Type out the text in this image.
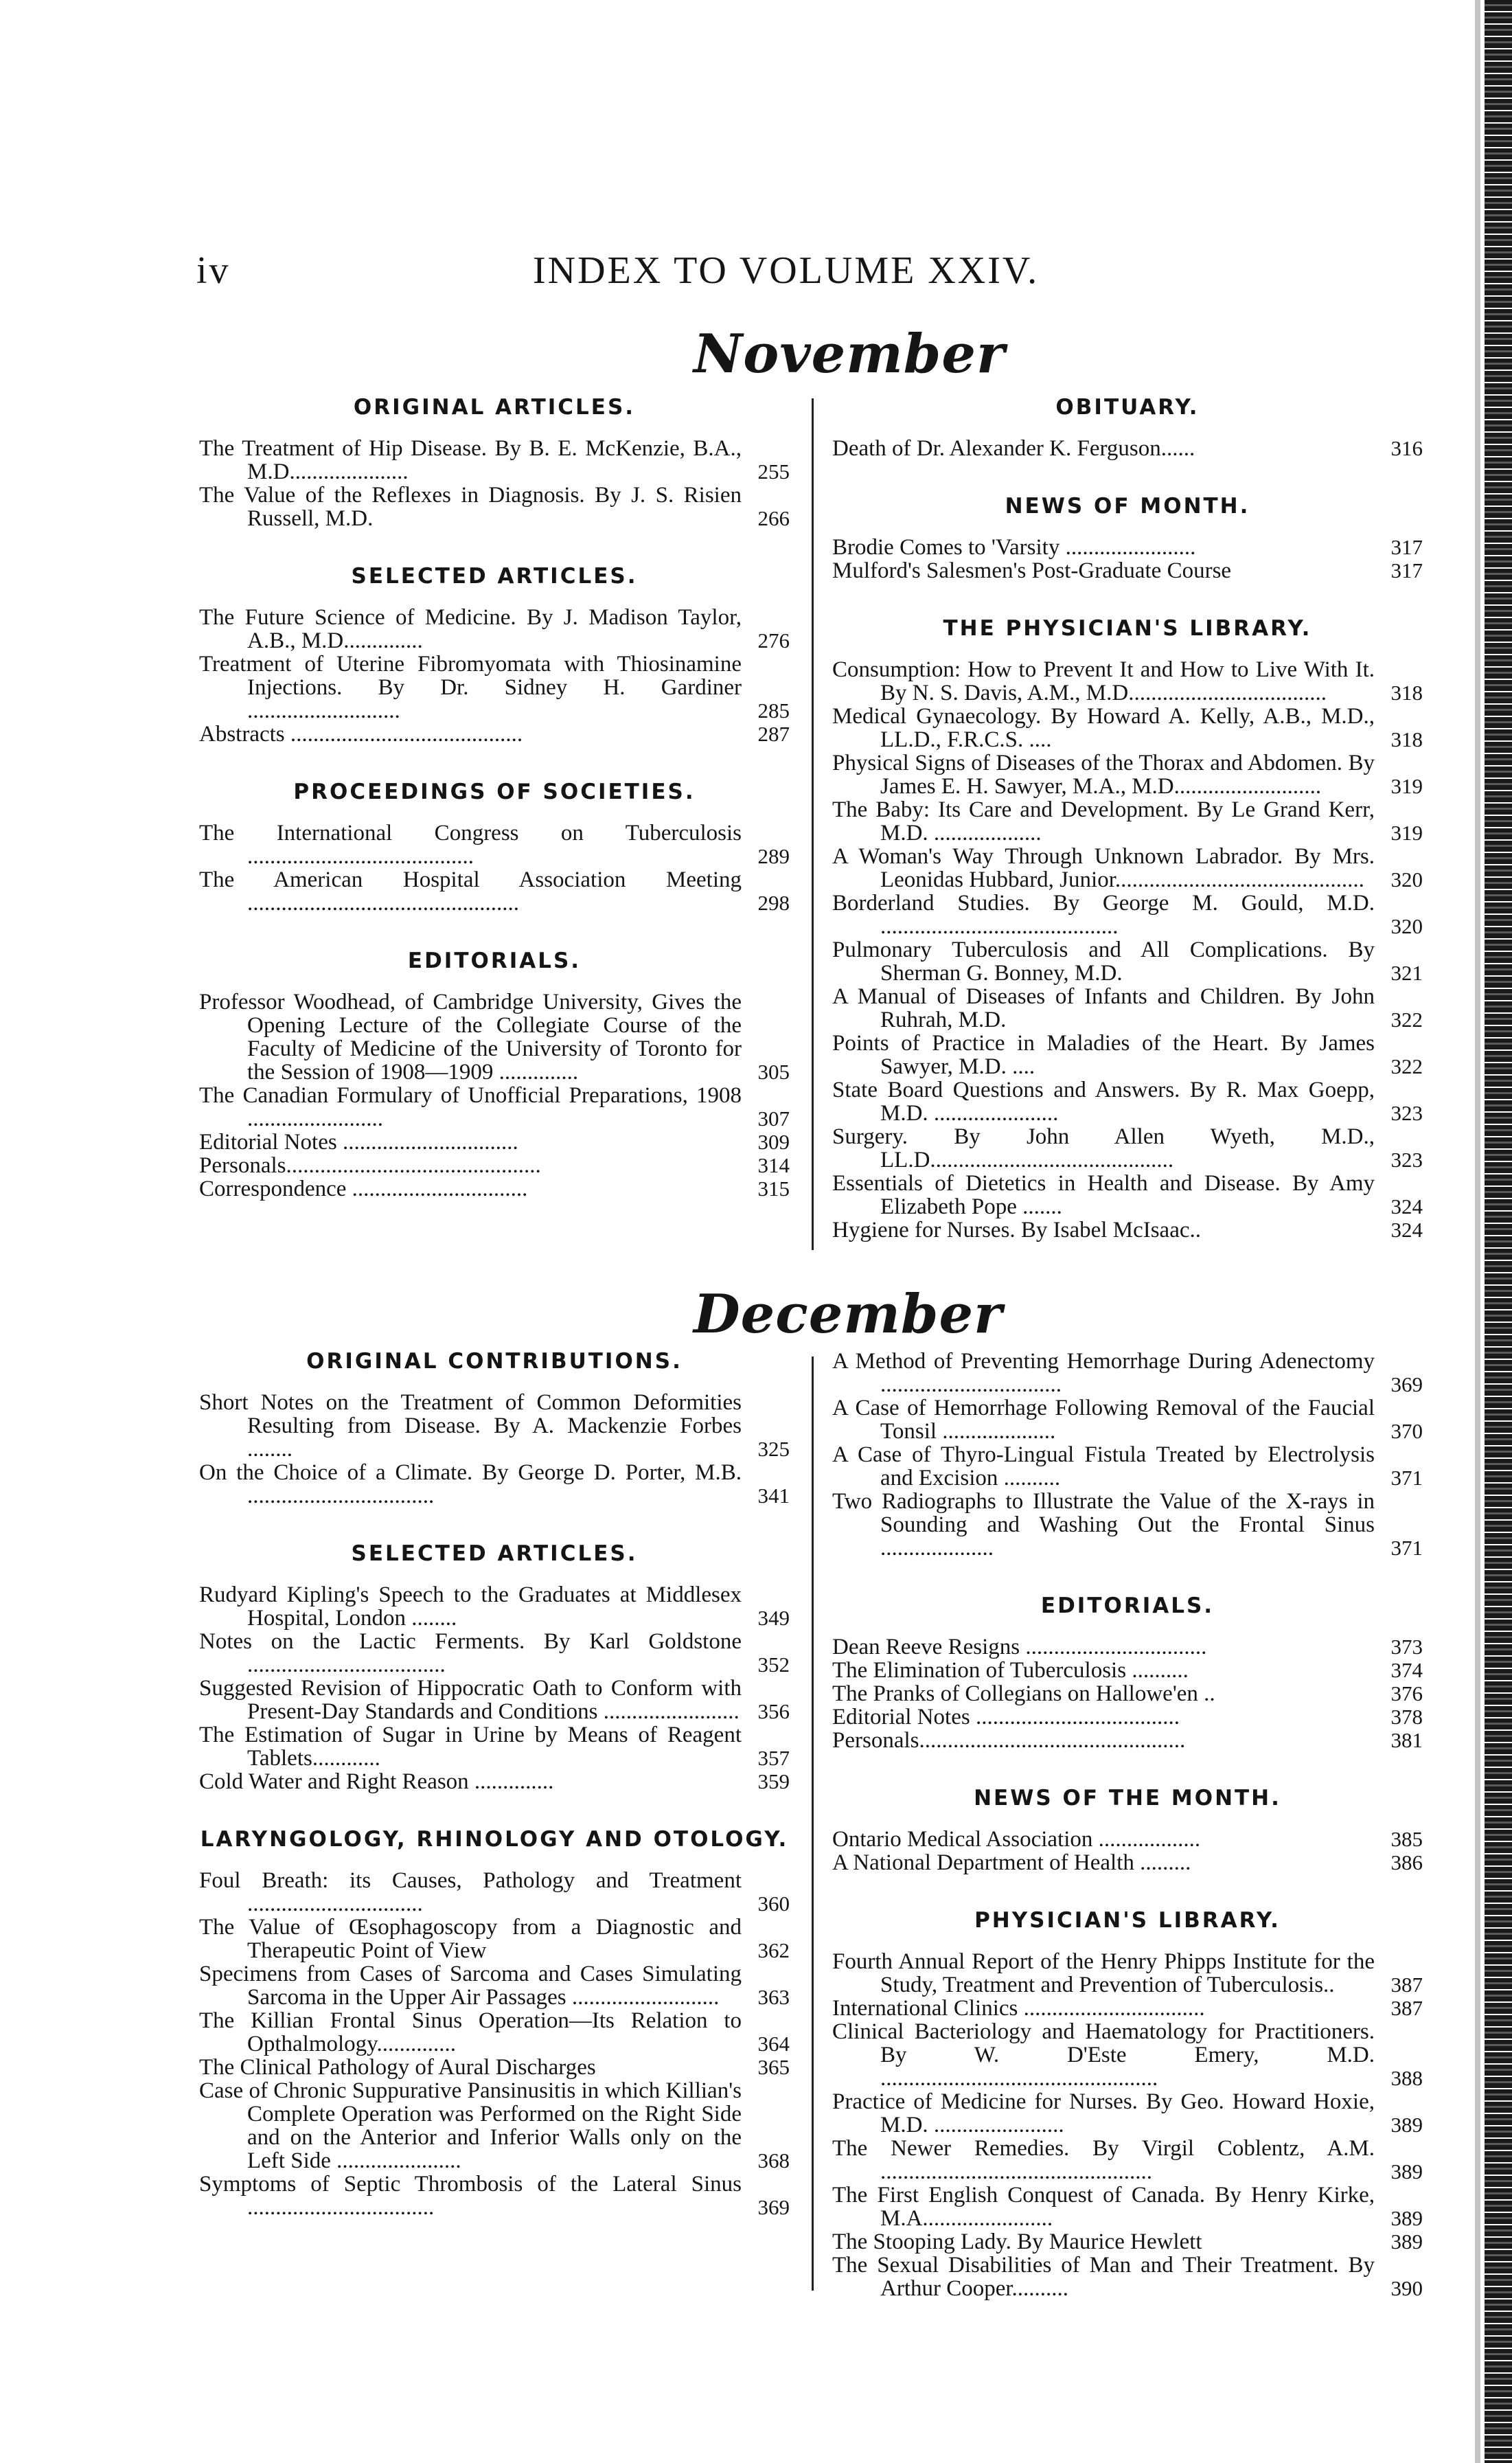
iv	INDEX TO VOLUME XXIV.
November
ORIGINAL ARTICLES.
The Treatment of Hip Disease. By B. E. McKenzie, B.A., M.D.....................	255
The Value of the Reflexes in Diagnosis. By J. S. Risien Russell, M.D.	266
SELECTED ARTICLES.
The Future Science of Medicine. By J. Madison Taylor, A.B., M.D..............	276
Treatment of Uterine Fibromyomata with Thiosinamine Injections. By Dr. Sidney H. Gardiner ...........................	285
Abstracts .........................................	287
PROCEEDINGS OF SOCIETIES.
The International Congress on Tuberculosis ........................................	289
The American Hospital Association Meeting ................................................	298
EDITORIALS.
Professor Woodhead, of Cambridge University, Gives the Opening Lecture of the Collegiate Course of the Faculty of Medicine of the University of Toronto for the Session of 1908—1909 ..............	305
The Canadian Formulary of Unofficial Preparations, 1908 ........................	307
Editorial Notes ...............................	309
Personals.............................................	314
Correspondence ...............................	315
OBITUARY.
Death of Dr. Alexander K. Ferguson......	316
NEWS OF MONTH.
Brodie Comes to 'Varsity .......................	317
Mulford's Salesmen's Post-Graduate Course	317
THE PHYSICIAN'S LIBRARY.
Consumption: How to Prevent It and How to Live With It. By N. S. Davis, A.M., M.D...................................	318
Medical Gynaecology. By Howard A. Kelly, A.B., M.D., LL.D., F.R.C.S. ....	318
Physical Signs of Diseases of the Thorax and Abdomen. By James E. H. Sawyer, M.A., M.D..........................	319
The Baby: Its Care and Development. By Le Grand Kerr, M.D. ...................	319
A Woman's Way Through Unknown Labrador. By Mrs. Leonidas Hubbard, Junior............................................ 320
Borderland Studies. By George M. Gould, M.D. ..........................................	320
Pulmonary Tuberculosis and All Complications. By Sherman G. Bonney, M.D.	321
A Manual of Diseases of Infants and Children. By John Ruhrah, M.D.	322
Points of Practice in Maladies of the Heart. By James Sawyer, M.D. ....	322
State Board Questions and Answers. By R. Max Goepp, M.D. ......................	323
Surgery. By John Allen Wyeth, M.D., LL.D...........................................	323
Essentials of Dietetics in Health and Disease. By Amy Elizabeth Pope .......	324
Hygiene for Nurses. By Isabel McIsaac..	324
December
ORIGINAL CONTRIBUTIONS.
Short Notes on the Treatment of Common Deformities Resulting from Disease. By A. Mackenzie Forbes ........	325
On the Choice of a Climate. By George D. Porter, M.B. .................................	341
SELECTED ARTICLES.
Rudyard Kipling's Speech to the Graduates at Middlesex Hospital, London ........	349
Notes on the Lactic Ferments. By Karl Goldstone ...................................	352
Suggested Revision of Hippocratic Oath to Conform with Present-Day Standards and Conditions ........................ 356
The Estimation of Sugar in Urine by Means of Reagent Tablets............	357
Cold Water and Right Reason ..............	359
LARYNGOLOGY, RHINOLOGY AND OTOLOGY.
Foul Breath: its Causes, Pathology and Treatment ...............................	360
The Value of Œsophagoscopy from a Diagnostic and Therapeutic Point of View	362
Specimens from Cases of Sarcoma and Cases Simulating Sarcoma in the Upper Air Passages .......................... 363
The Killian Frontal Sinus Operation—Its Relation to Opthalmology..............	364
The Clinical Pathology of Aural Discharges	365
Case of Chronic Suppurative Pansinusitis in which Killian's Complete Operation was Performed on the Right Side and on the Anterior and Inferior Walls only on the Left Side ......................	368
Symptoms of Septic Thrombosis of the Lateral Sinus .................................	369
A Method of Preventing Hemorrhage During Adenectomy ................................	369
A Case of Hemorrhage Following Removal of the Faucial Tonsil ....................	370
A Case of Thyro-Lingual Fistula Treated by Electrolysis and Excision ..........	371
Two Radiographs to Illustrate the Value of the X-rays in Sounding and Washing Out the Frontal Sinus ....................	371
EDITORIALS.
Dean Reeve Resigns ................................	373
The Elimination of Tuberculosis ..........	374
The Pranks of Collegians on Hallowe'en ..	376
Editorial Notes ....................................	378
Personals...............................................	381
NEWS OF THE MONTH.
Ontario Medical Association ..................	385
A National Department of Health .........	386
PHYSICIAN'S LIBRARY.
Fourth Annual Report of the Henry Phipps Institute for the Study, Treatment and Prevention of Tuberculosis..	387
International Clinics ................................	387
Clinical Bacteriology and Haematology for Practitioners. By W. D'Este Emery, M.D. .................................................	388
Practice of Medicine for Nurses. By Geo. Howard Hoxie, M.D. .......................	389
The Newer Remedies. By Virgil Coblentz, A.M. ................................................	389
The First English Conquest of Canada. By Henry Kirke, M.A.......................	389
The Stooping Lady. By Maurice Hewlett	389
The Sexual Disabilities of Man and Their Treatment. By Arthur Cooper..........	390
